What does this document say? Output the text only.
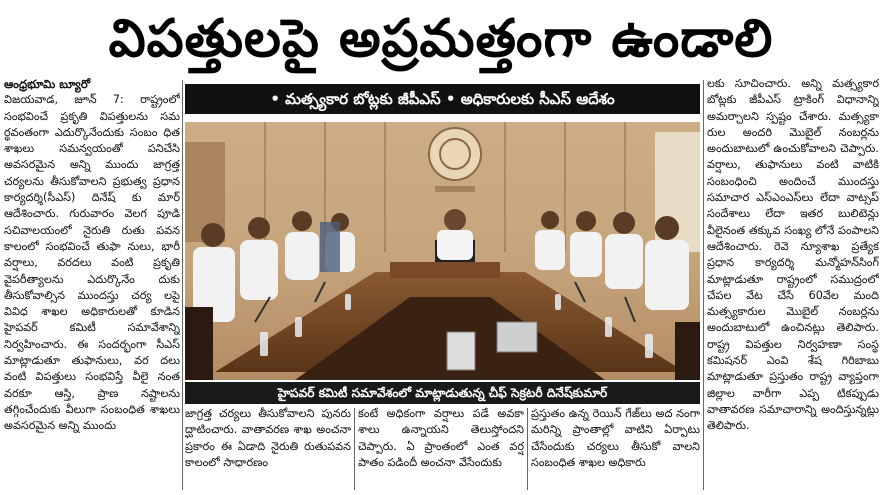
విపత్తులపై అప్రమత్తంగా ఉండాలి

ఆంధ్రభూమి బ్యూరో

విజయవాడ, జూన్ 7: రాష్ట్రంలో సంభవించే ప్రకృతి విపత్తులను సమ ర్థవంతంగా ఎదుర్కొనేందుకు సంబం ధిత శాఖలు సమన్వయంతో పనిచేసి అవసరమైన అన్ని ముందు జాగ్రత్త చర్యలను తీసుకోవాలని ప్రభుత్వ ప్రధాన కార్యదర్శి(సీఎస్) దినేష్ కు మార్ ఆదేశించారు. గురువారం వెలగ పూడి సచివాలయంలో నైరుతి రుతు పవన కాలంలో సంభవించే తుఫా నులు, భారీ వర్షాలు, వరదలు వంటి ప్రకృతి వైపరీత్యాలను ఎదుర్కొనేం దుకు తీసుకోవాల్సిన ముందస్తు చర్య లపై వివిధ శాఖల అధికారులతో కూడిన హైపవర్ కమిటీ సమావేశాన్ని నిర్వహించారు. ఈ సందర్భంగా సీఎస్ మాట్లాడుతూ తుఫానులు, వర దలు వంటి విపత్తులు సంభవిస్తే వీలై నంత వరకూ ఆస్తి, ప్రాణ నష్టాలను తగ్గించేందుకు వీలుగా సంబంధిత శాఖలు అవసరమైన అన్ని ముందు

• మత్స్యకార బోట్లకు జీపీఎస్ • అధికారులకు సీఎస్ ఆదేశం
హైపవర్ కమిటీ సమావేశంలో మాట్లాడుతున్న చీఫ్ సెక్రటరీ దినేష్‌కుమార్
జాగ్రత్త చర్యలు తీసుకోవాలని పునరు ద్ఘాటించారు. వాతావరణ శాఖ అంచనా ప్రకారం ఈ ఏడాది నైరుతి రుతుపవన కాలంలో సాధారణం
కంటే అధికంగా వర్షాలు పడే అవకా శాలు ఉన్నాయని తెలుస్తోందని చెప్పారు. ఏ ప్రాంతంలో ఎంత వర్ష పాతం పడిందీ అంచనా వేసేందుకు
ప్రస్తుతం ఉన్న రెయిన్ గేజ్‌లు అద నంగా మరిన్ని ప్రాంతాల్లో వాటిని ఏర్పాటు చేసేందుకు చర్యలు తీసుకో వాలని సంబంధిత శాఖల అధికారు

లకు సూచించారు. అన్ని మత్స్యకార బోట్లకు జీపీఎస్ ట్రాకింగ్ విధానాన్ని అమర్చాలని స్పష్టం చేశారు. మత్స్యకా రుల అందరి మొబైల్ నంబర్లను అందుబాటులో ఉంచుకోవాలని చెప్పారు. వర్షాలు, తుఫానులు వంటి వాటికి సంబంధించి అందించే ముందస్తు సమాచార ఎస్ఎంఎస్‌లు లేదా వాట్సప్ సందేశాలు లేదా ఇతర బులిటెన్లు వీలైనంత తక్కువ సంఖ్య లోనే పంపాలని ఆదేశించారు. రెవె న్యూశాఖ ప్రత్యేక ప్రధాన కార్యదర్శి మన్మోహన్‌సింగ్ మాట్లాడుతూ రాష్ట్రంలో సముద్రంలో చేపల వేట చేసే 60వేల మంది మత్స్యకారుల మొబైల్ నంబర్లను అందుబాటులో ఉంచినట్లు తెలిపారు. రాష్ట్ర విపత్తుల నిర్వహణా సంస్థ కమిషనర్ ఎంవి శేష గిరిబాబు మాట్లాడుతూ ప్రస్తుతం రాష్ట్ర వ్యాప్తంగా జిల్లాల వారీగా ఎప్ప టికప్పుడు వాతావరణ సమాచారాన్ని అందిస్తున్నట్లు తెలిపారు.
